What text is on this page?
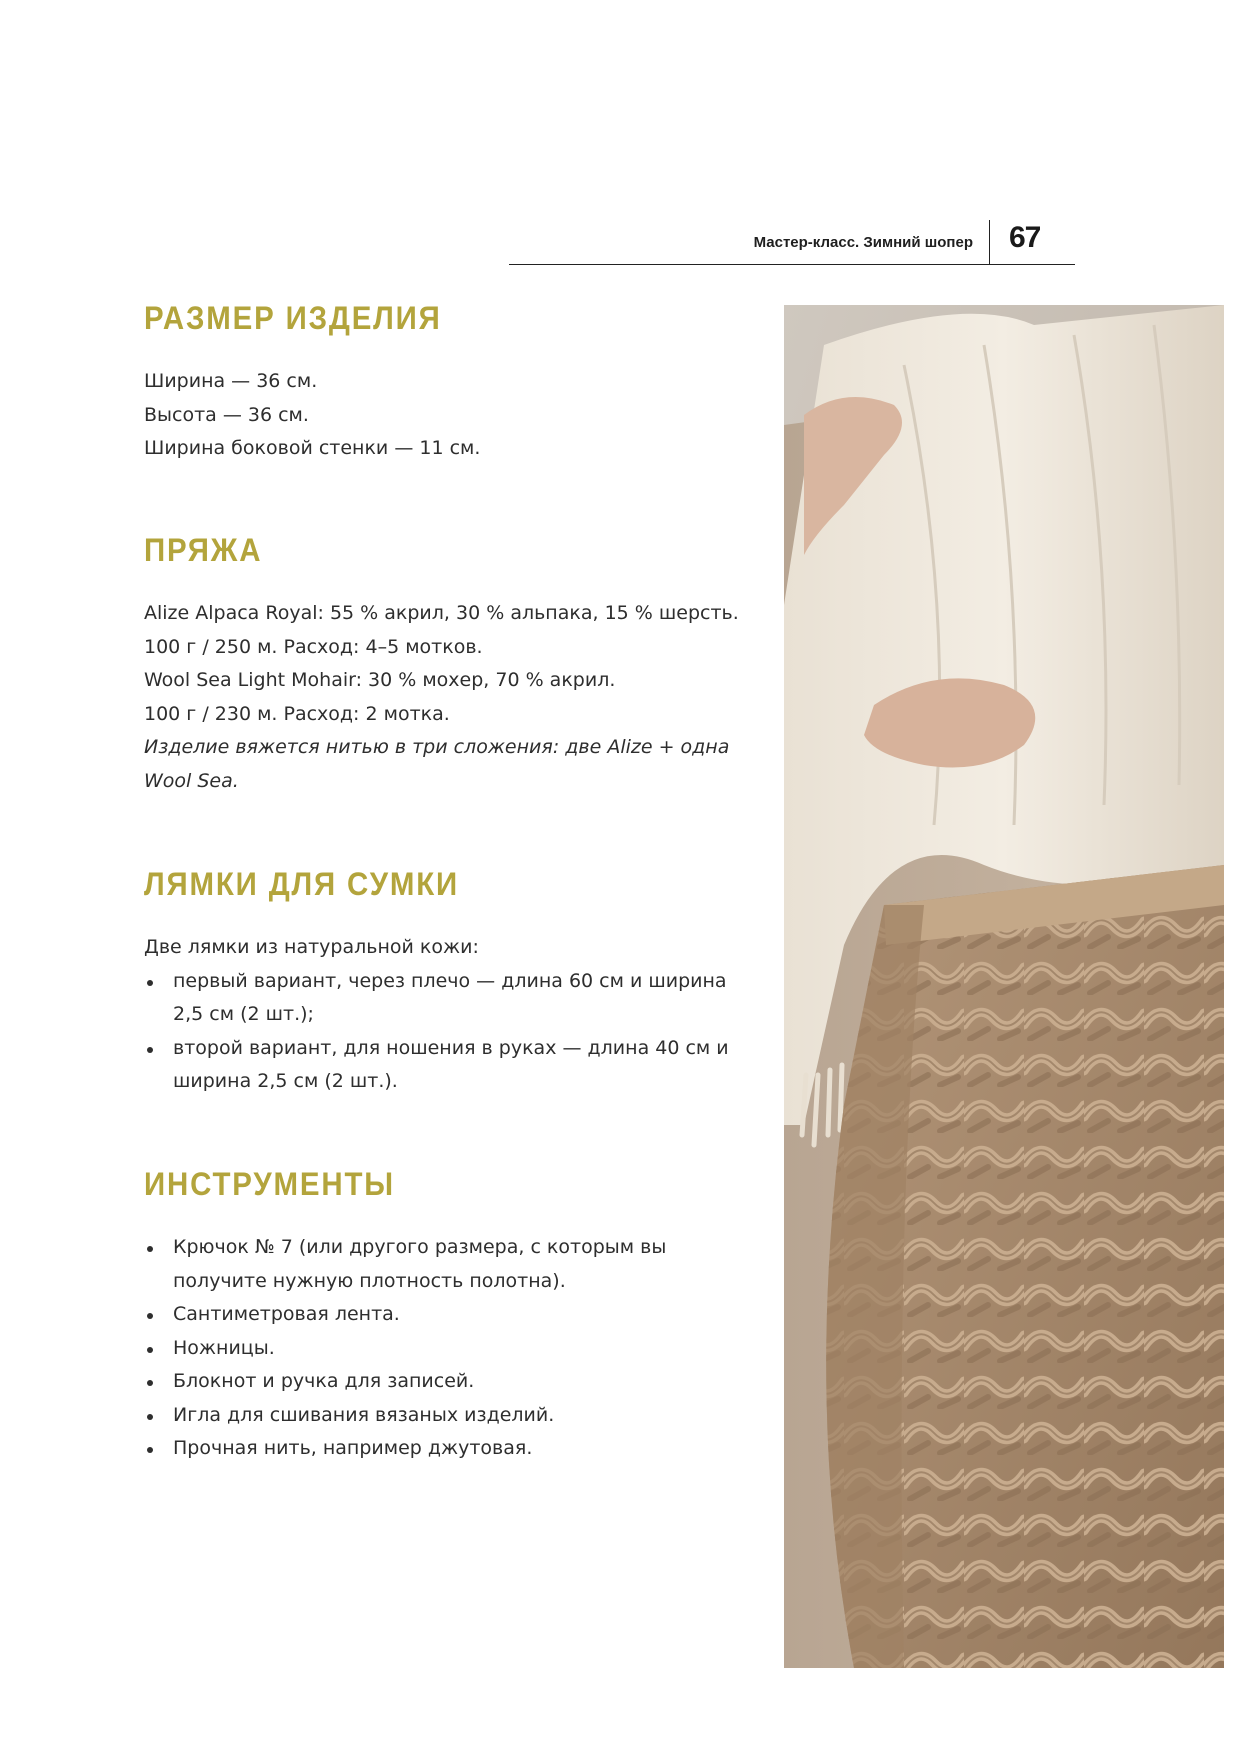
Мастер-класс. Зимний шопер 67
РАЗМЕР ИЗДЕЛИЯ
Ширина — 36 см.
Высота — 36 см.
Ширина боковой стенки — 11 см.
ПРЯЖА
Alize Alpaca Royal: 55 % акрил, 30 % альпака, 15 % шерсть.
100 г / 250 м. Расход: 4–5 мотков.
Wool Sea Light Mohair: 30 % мохер, 70 % акрил.
100 г / 230 м. Расход: 2 мотка.

Изделие вяжется нитью в три сложения: две Alize + одна Wool Sea.

ЛЯМКИ ДЛЯ СУМКИ

Две лямки из натуральной кожи:

первый вариант, через плечо — длина 60 см и ширина 2,5 см (2 шт.);
второй вариант, для ношения в руках — длина 40 см и ширина 2,5 см (2 шт.).
ИНСТРУМЕНТЫ
Крючок № 7 (или другого размера, с которым вы получите нужную плотность полотна).
Сантиметровая лента.
Ножницы.
Блокнот и ручка для записей.
Игла для сшивания вязаных изделий.
Прочная нить, например джутовая.
